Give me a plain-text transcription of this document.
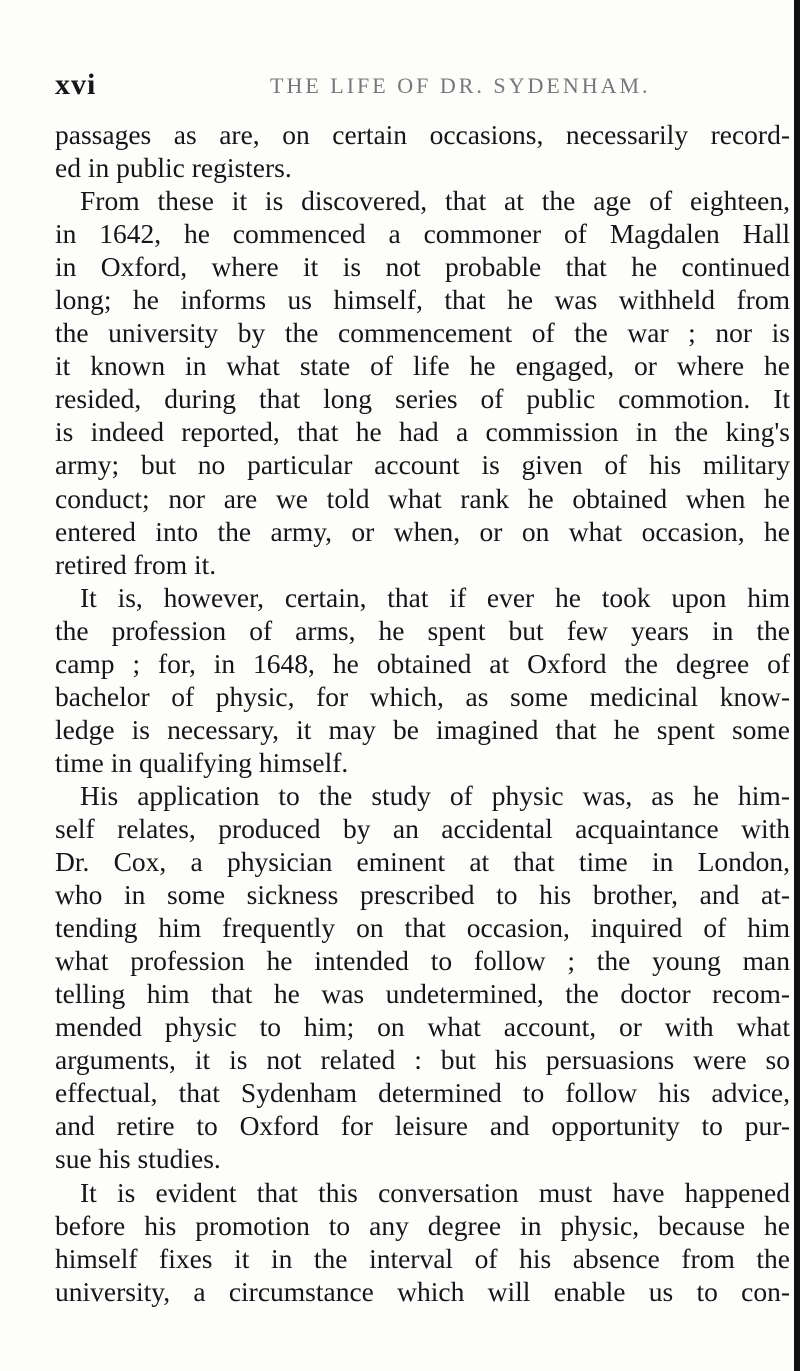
xvi	THE LIFE OF DR. SYDENHAM.
passages as are, on certain occasions, necessarily record-
ed in public registers.
From these it is discovered, that at the age of eighteen,
in 1642, he commenced a commoner of Magdalen Hall
in Oxford, where it is not probable that he continued
long; he informs us himself, that he was withheld from
the university by the commencement of the war ; nor is
it known in what state of life he engaged, or where he
resided, during that long series of public commotion. It
is indeed reported, that he had a commission in the king's
army; but no particular account is given of his military
conduct; nor are we told what rank he obtained when he
entered into the army, or when, or on what occasion, he
retired from it.
It is, however, certain, that if ever he took upon him
the profession of arms, he spent but few years in the
camp ; for, in 1648, he obtained at Oxford the degree of
bachelor of physic, for which, as some medicinal know-
ledge is necessary, it may be imagined that he spent some
time in qualifying himself.
His application to the study of physic was, as he him-
self relates, produced by an accidental acquaintance with
Dr. Cox, a physician eminent at that time in London,
who in some sickness prescribed to his brother, and at-
tending him frequently on that occasion, inquired of him
what profession he intended to follow ; the young man
telling him that he was undetermined, the doctor recom-
mended physic to him; on what account, or with what
arguments, it is not related : but his persuasions were so
effectual, that Sydenham determined to follow his advice,
and retire to Oxford for leisure and opportunity to pur-
sue his studies.
It is evident that this conversation must have happened
before his promotion to any degree in physic, because he
himself fixes it in the interval of his absence from the
university, a circumstance which will enable us to con-
